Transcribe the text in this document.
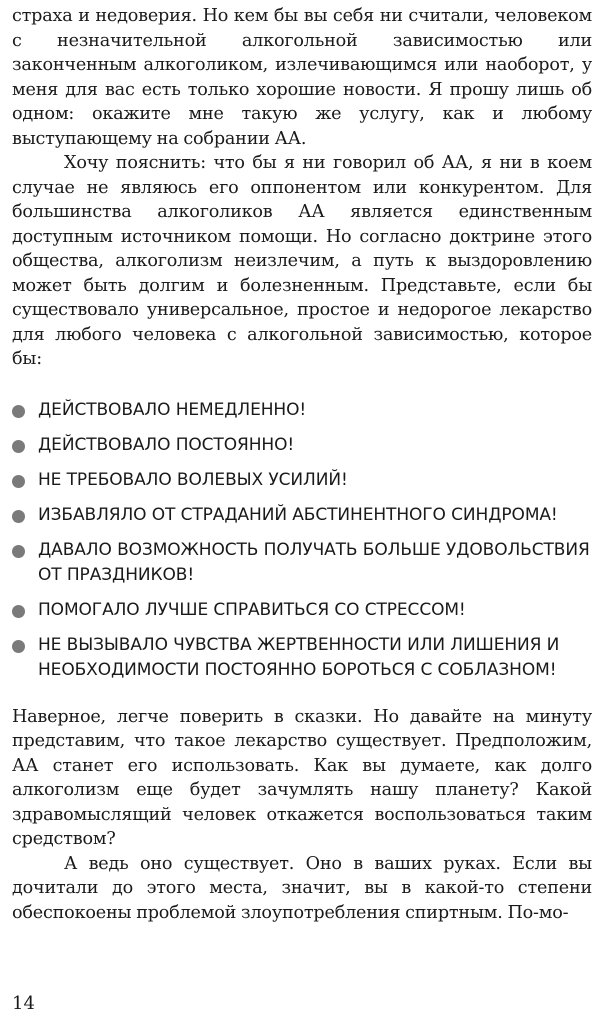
страха и недоверия. Но кем бы вы себя ни считали, человеком с незначительной алкогольной зависимостью или законченным алкоголиком, излечивающимся или наоборот, у меня для вас есть только хорошие новости. Я прошу лишь об одном: окажите мне такую же услугу, как и любому выступающему на собрании АА.

Хочу пояснить: что бы я ни говорил об АА, я ни в коем случае не являюсь его оппонентом или конкурентом. Для большинства алкоголиков АА является единственным доступным источником помощи. Но согласно доктрине этого общества, алкоголизм неизлечим, а путь к выздоровлению может быть долгим и болезненным. Представьте, если бы существовало универсальное, простое и недорогое лекарство для любого человека с алкогольной зависимостью, которое бы:

ДЕЙСТВОВАЛО НЕМЕДЛЕННО!
ДЕЙСТВОВАЛО ПОСТОЯННО!
НЕ ТРЕБОВАЛО ВОЛЕВЫХ УСИЛИЙ!
ИЗБАВЛЯЛО ОТ СТРАДАНИЙ АБСТИНЕНТНОГО СИНДРОМА!
ДАВАЛО ВОЗМОЖНОСТЬ ПОЛУЧАТЬ БОЛЬШЕ УДОВОЛЬСТВИЯ ОТ ПРАЗДНИКОВ!
ПОМОГАЛО ЛУЧШЕ СПРАВИТЬСЯ СО СТРЕССОМ!
НЕ ВЫЗЫВАЛО ЧУВСТВА ЖЕРТВЕННОСТИ ИЛИ ЛИШЕНИЯ И НЕОБХОДИМОСТИ ПОСТОЯННО БОРОТЬСЯ С СОБЛАЗНОМ!

Наверное, легче поверить в сказки. Но давайте на минуту представим, что такое лекарство существует. Предположим, АА станет его использовать. Как вы думаете, как долго алкоголизм еще будет зачумлять нашу планету? Какой здравомыслящий человек откажется воспользоваться таким средством?

А ведь оно существует. Оно в ваших руках. Если вы дочитали до этого места, значит, вы в какой-то степени обеспокоены проблемой злоупотребления спиртным. По-мо-

14
